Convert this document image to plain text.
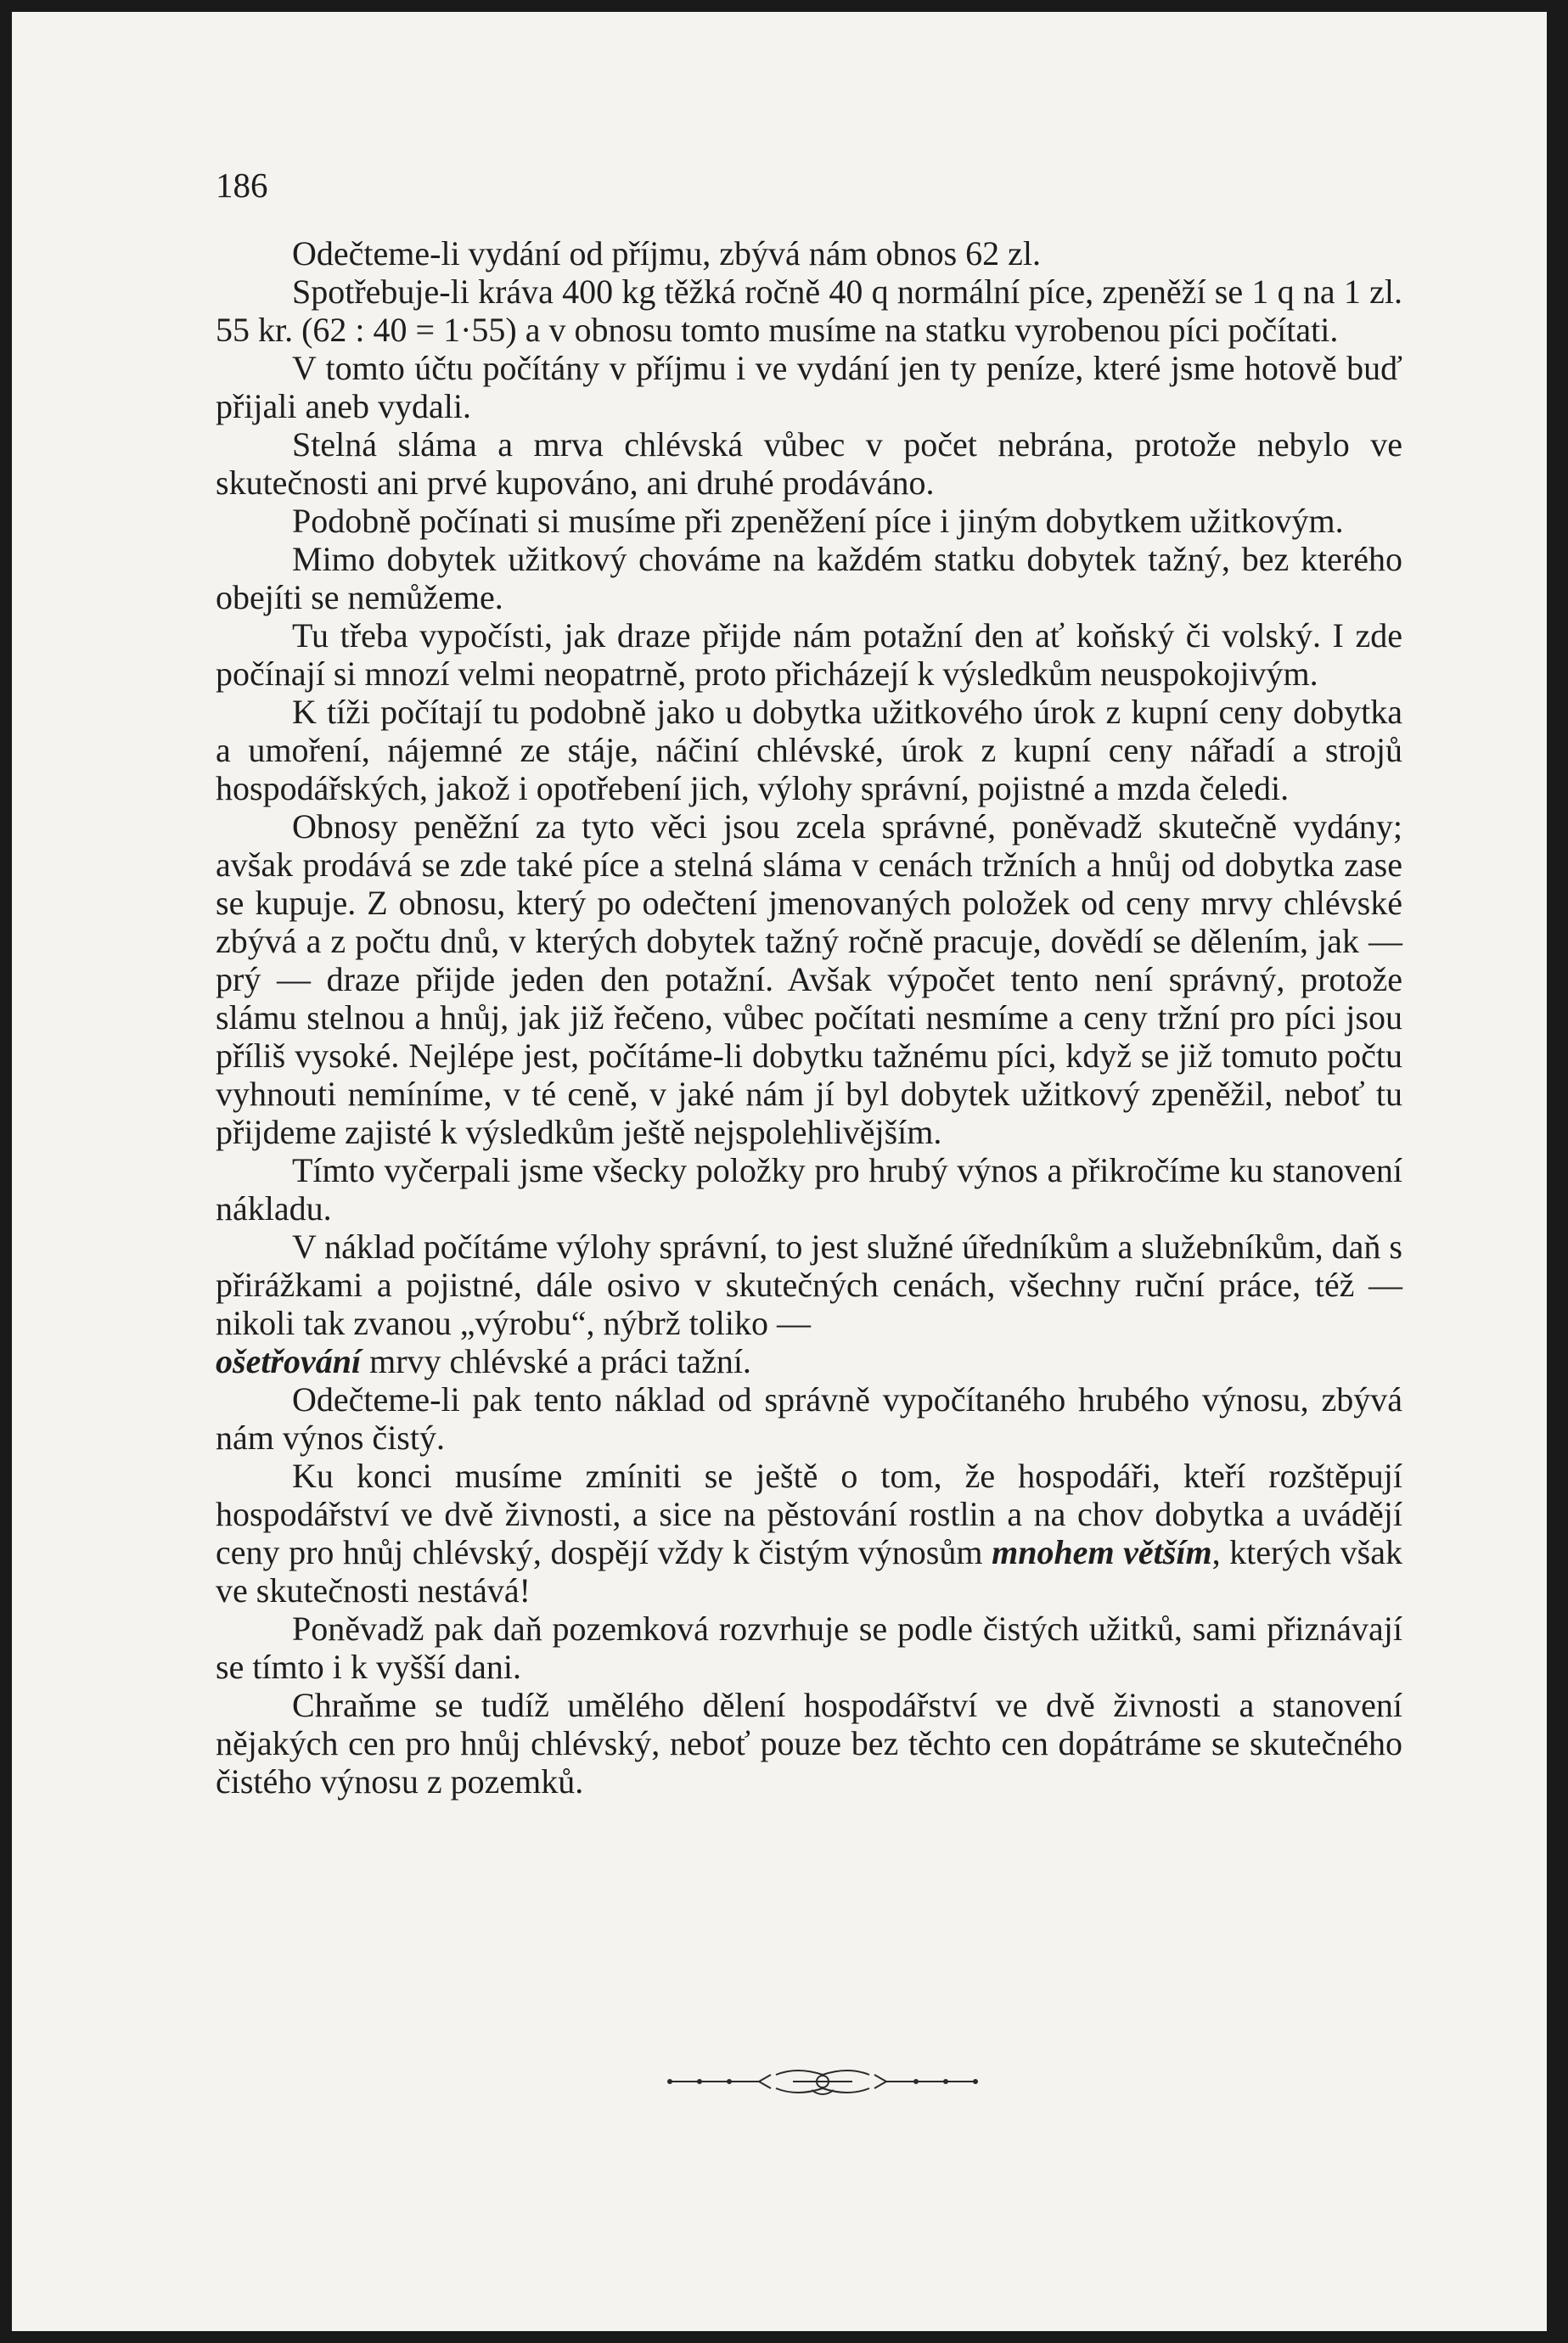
186

Odečteme-li vydání od příjmu, zbývá nám obnos 62 zl.

Spotřebuje-li kráva 400 kg těžká ročně 40 q normální píce, zpeněží se 1 q na 1 zl. 55 kr. (62 : 40 = 1·55) a v obnosu tomto musíme na statku vyrobenou píci počítati.

V tomto účtu počítány v příjmu i ve vydání jen ty peníze, které jsme hotově buď přijali aneb vydali.

Stelná sláma a mrva chlévská vůbec v počet nebrána, protože nebylo ve skutečnosti ani prvé kupováno, ani druhé prodáváno.

Podobně počínati si musíme při zpeněžení píce i jiným dobytkem užitkovým.

Mimo dobytek užitkový chováme na každém statku dobytek tažný, bez kterého obejíti se nemůžeme.

Tu třeba vypočísti, jak draze přijde nám potažní den ať koňský či volský. I zde počínají si mnozí velmi neopatrně, proto přicházejí k výsledkům neuspokojivým.

K tíži počítají tu podobně jako u dobytka užitkového úrok z kupní ceny dobytka a umoření, nájemné ze stáje, náčiní chlévské, úrok z kupní ceny nářadí a strojů hospodářských, jakož i opotřebení jich, výlohy správní, pojistné a mzda čeledi.

Obnosy peněžní za tyto věci jsou zcela správné, poněvadž skutečně vydány; avšak prodává se zde také píce a stelná sláma v cenách tržních a hnůj od dobytka zase se kupuje. Z obnosu, který po odečtení jmenovaných položek od ceny mrvy chlévské zbývá a z počtu dnů, v kterých dobytek tažný ročně pracuje, dovědí se dělením, jak — prý — draze přijde jeden den potažní. Avšak výpočet tento není správný, protože slámu stelnou a hnůj, jak již řečeno, vůbec počítati nesmíme a ceny tržní pro píci jsou příliš vysoké. Nejlépe jest, počítáme-li dobytku tažnému píci, když se již tomuto počtu vyhnouti nemíníme, v té ceně, v jaké nám jí byl dobytek užitkový zpeněžil, neboť tu přijdeme zajisté k výsledkům ještě nejspolehlivějším.

Tímto vyčerpali jsme všecky položky pro hrubý výnos a přikročíme ku stanovení nákladu.

V náklad počítáme výlohy správní, to jest služné úředníkům a služebníkům, daň s přirážkami a pojistné, dále osivo v skutečných cenách, všechny ruční práce, též — nikoli tak zvanou „výrobu“, nýbrž toliko —
ošetřování mrvy chlévské a práci tažní.

Odečteme-li pak tento náklad od správně vypočítaného hrubého výnosu, zbývá nám výnos čistý.

Ku konci musíme zmíniti se ještě o tom, že hospodáři, kteří rozštěpují hospodářství ve dvě živnosti, a sice na pěstování rostlin a na chov dobytka a uvádějí ceny pro hnůj chlévský, dospějí vždy k čistým výnosům mnohem větším, kterých však ve skutečnosti nestává!

Poněvadž pak daň pozemková rozvrhuje se podle čistých užitků, sami přiznávají se tímto i k vyšší dani.

Chraňme se tudíž umělého dělení hospodářství ve dvě živnosti a stanovení nějakých cen pro hnůj chlévský, neboť pouze bez těchto cen dopátráme se skutečného čistého výnosu z pozemků.
